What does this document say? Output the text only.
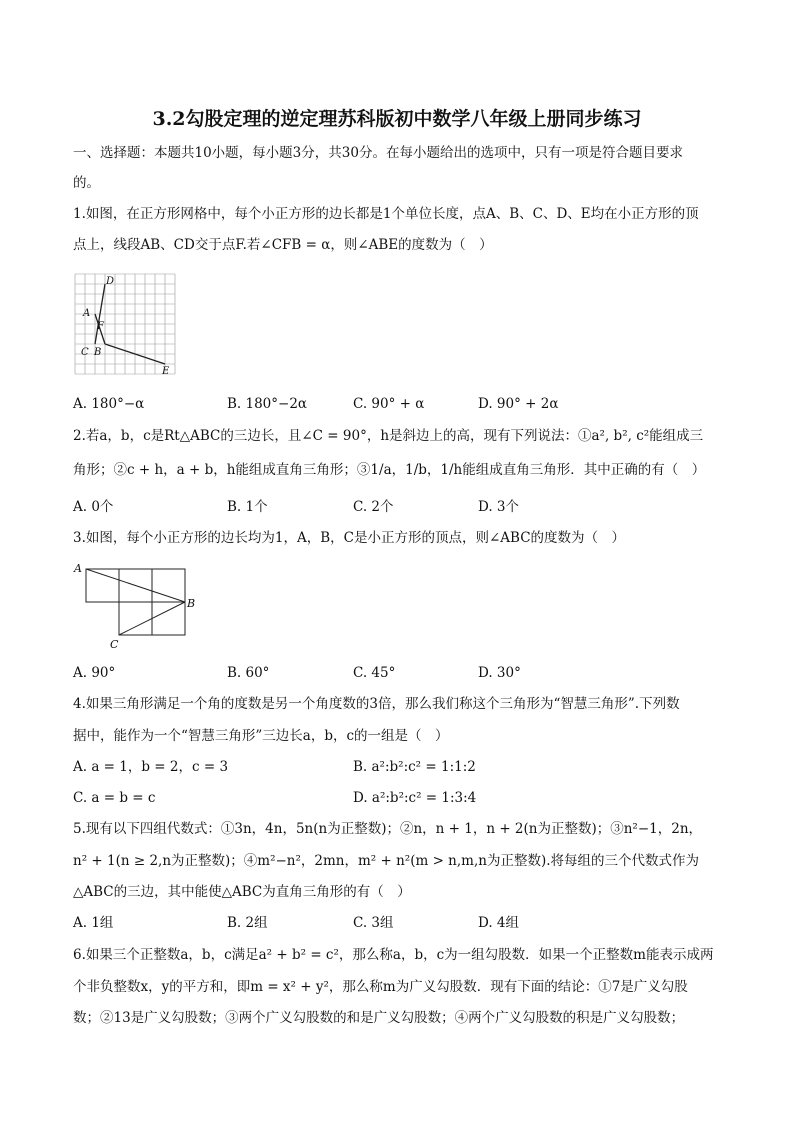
3.2勾股定理的逆定理苏科版初中数学八年级上册同步练习
一、选择题：本题共10小题，每小题3分，共30分。在每小题给出的选项中，只有一项是符合题目要求
的。
1.如图，在正方形网格中，每个小正方形的边长都是1个单位长度，点A、B、C、D、E均在小正方形的顶
点上，线段AB、CD交于点F.若∠CFB = α，则∠ABE的度数为（　）
D
A
F
C B
E
A. 180°−α	B. 180°−2α	C. 90° + α	D. 90° + 2α
2.若a，b，c是Rt△ABC的三边长，且∠C = 90°，h是斜边上的高，现有下列说法：①a², b², c²能组成三
角形；②c + h，a + b，h能组成直角三角形；③1/a，1/b，1/h能组成直角三角形．其中正确的有（　）
A. 0个	B. 1个	C. 2个	D. 3个
3.如图，每个小正方形的边长均为1，A，B，C是小正方形的顶点，则∠ABC的度数为（　）
A
B
C
A. 90°	B. 60°	C. 45°	D. 30°
4.如果三角形满足一个角的度数是另一个角度数的3倍，那么我们称这个三角形为“智慧三角形”.下列数
据中，能作为一个“智慧三角形”三边长a，b，c的一组是（　）
A. a = 1，b = 2，c = 3	B. a²:b²:c² = 1:1:2
C. a = b = c	D. a²:b²:c² = 1:3:4
5.现有以下四组代数式：①3n，4n，5n(n为正整数)；②n，n + 1，n + 2(n为正整数)；③n²−1，2n，
n² + 1(n ≥ 2,n为正整数)；④m²−n²，2mn，m² + n²(m > n,m,n为正整数).将每组的三个代数式作为
△ABC的三边，其中能使△ABC为直角三角形的有（　）
A. 1组	B. 2组	C. 3组	D. 4组
6.如果三个正整数a，b，c满足a² + b² = c²，那么称a，b，c为一组勾股数．如果一个正整数m能表示成两
个非负整数x，y的平方和，即m = x² + y²，那么称m为广义勾股数．现有下面的结论：①7是广义勾股
数；②13是广义勾股数；③两个广义勾股数的和是广义勾股数；④两个广义勾股数的积是广义勾股数；
